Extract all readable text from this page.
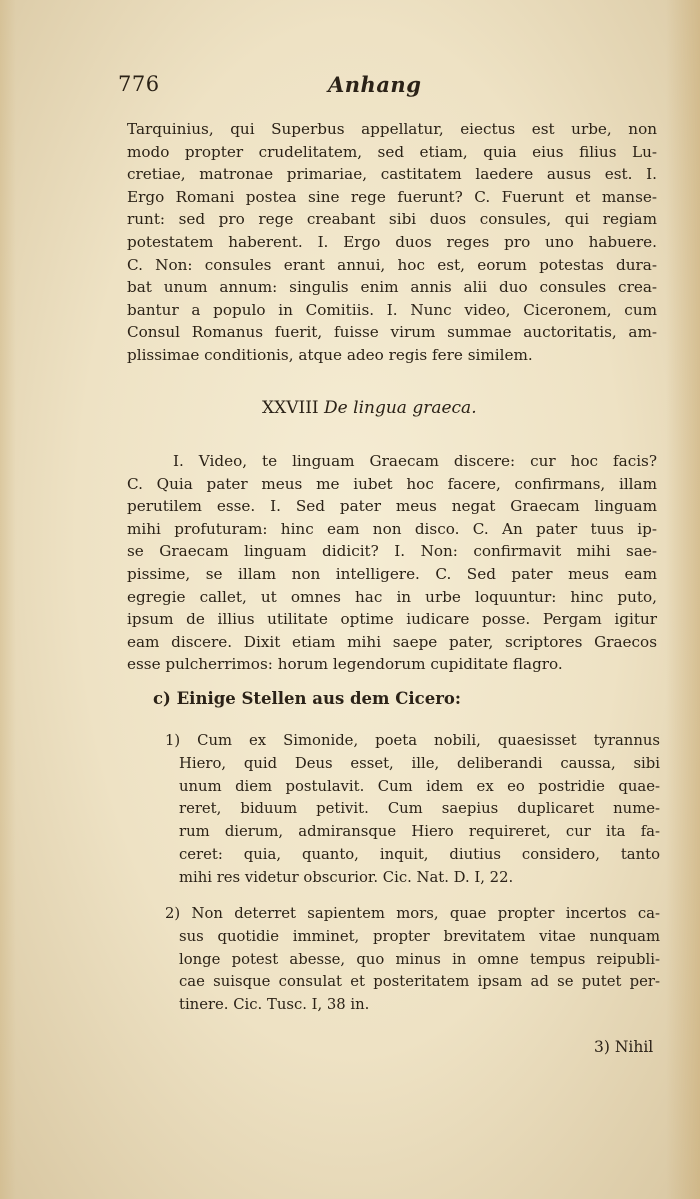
776	Anhang
Tarquinius, qui Superbus appellatur, eiectus est urbe, non
modo propter crudelitatem, sed etiam, quia eius filius Lu-
cretiae, matronae primariae, castitatem laedere ausus est. I.
Ergo Romani postea sine rege fuerunt? C. Fuerunt et manse-
runt: sed pro rege creabant sibi duos consules, qui regiam
potestatem haberent. I. Ergo duos reges pro uno habuere.
C. Non: consules erant annui, hoc est, eorum potestas dura-
bat unum annum: singulis enim annis alii duo consules crea-
bantur a populo in Comitiis. I. Nunc video, Ciceronem, cum
Consul Romanus fuerit, fuisse virum summae auctoritatis, am-
plissimae conditionis, atque adeo regis fere similem.
XXVIII De lingua graeca.
I. Video, te linguam Graecam discere: cur hoc facis?
C. Quia pater meus me iubet hoc facere, confirmans, illam
perutilem esse. I. Sed pater meus negat Graecam linguam
mihi profuturam: hinc eam non disco. C. An pater tuus ip-
se Graecam linguam didicit? I. Non: confirmavit mihi sae-
pissime, se illam non intelligere. C. Sed pater meus eam
egregie callet, ut omnes hac in urbe loquuntur: hinc puto,
ipsum de illius utilitate optime iudicare posse. Pergam igitur
eam discere. Dixit etiam mihi saepe pater, scriptores Graecos
esse pulcherrimos: horum legendorum cupiditate flagro.
c) Einige Stellen aus dem Cicero:
1) Cum ex Simonide, poeta nobili, quaesisset tyrannus
Hiero, quid Deus esset, ille, deliberandi caussa, sibi
unum diem postulavit. Cum idem ex eo postridie quae-
reret, biduum petivit. Cum saepius duplicaret nume-
rum dierum, admiransque Hiero requireret, cur ita fa-
ceret: quia, quanto, inquit, diutius considero, tanto
mihi res videtur obscurior. Cic. Nat. D. I, 22.
2) Non deterret sapientem mors, quae propter incertos ca-
sus quotidie imminet, propter brevitatem vitae nunquam
longe potest abesse, quo minus in omne tempus reipubli-
cae suisque consulat et posteritatem ipsam ad se putet per-
tinere. Cic. Tusc. I, 38 in.
3) Nihil
